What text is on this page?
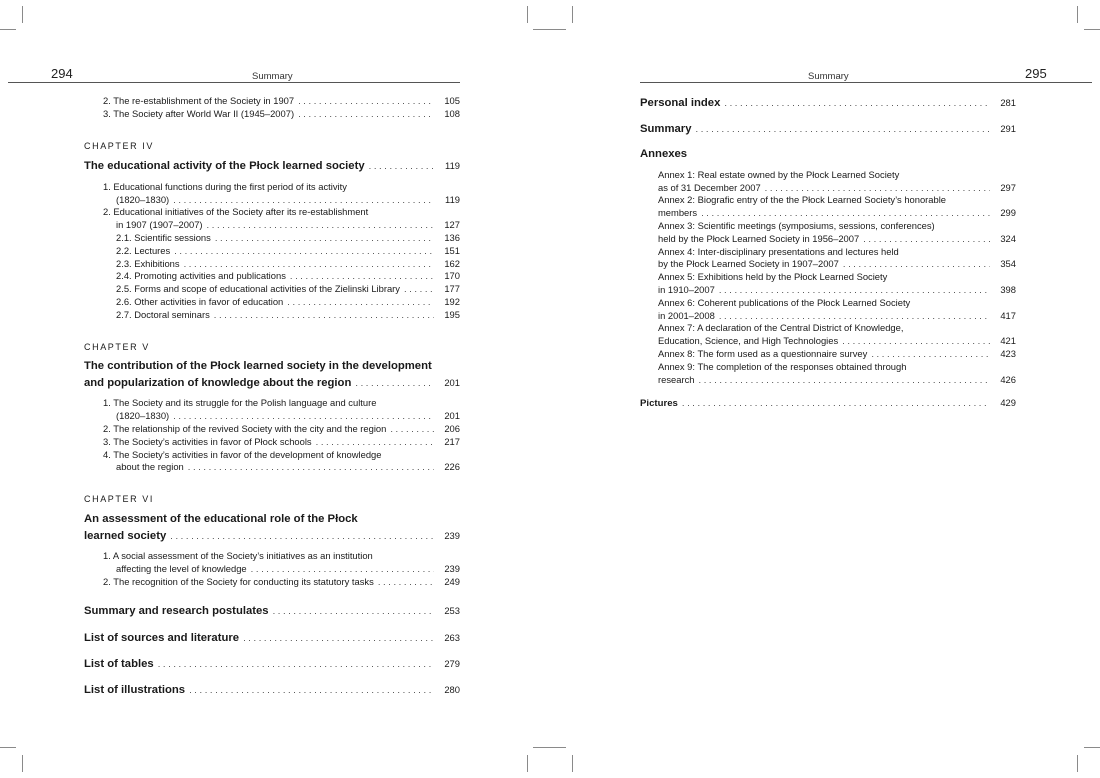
294	Summary
2. The re-establishment of the Society in 1907 . . .	105
3. The Society after World War II (1945–2007) . . .	108
CHAPTER IV
The educational activity of the Płock learned society . . .	119
1. Educational functions during the first period of its activity
(1820–1830) . . .	119
2. Educational initiatives of the Society after its re-establishment
in 1907 (1907–2007) . . .	127
2.1. Scientific sessions . . .	136
2.2. Lectures . . .	151
2.3. Exhibitions . . .	162
2.4. Promoting activities and publications . . .	170
2.5. Forms and scope of educational activities of the Zielinski Library . . .	177
2.6. Other activities in favor of education . . .	192
2.7. Doctoral seminars . . .	195
CHAPTER V
The contribution of the Płock learned society in the development
and popularization of knowledge about the region . . .	201
1. The Society and its struggle for the Polish language and culture
(1820–1830) . . .	201
2. The relationship of the revived Society with the city and the region . . .	206
3. The Society’s activities in favor of Płock schools . . .	217
4. The Society’s activities in favor of the development of knowledge
about the region . . .	226
CHAPTER VI
An assessment of the educational role of the Płock
learned society . . .	239
1. A social assessment of the Society’s initiatives as an institution
affecting the level of knowledge . . .	239
2. The recognition of the Society for conducting its statutory tasks . . .	249
Summary and research postulates . . .	253
List of sources and literature . . .	263
List of tables . . .	279
List of illustrations . . .	280
295
Summary
Personal index . . .	281
Summary . . .	291
Annexes
Annex 1: Real estate owned by the Płock Learned Society
as of 31 December 2007 . . .	297
Annex 2: Biografic entry of the the Płock Learned Society’s honorable
members . . .	299
Annex 3: Scientific meetings (symposiums, sessions, conferences)
held by the Płock Learned Society in 1956–2007 . . .	324
Annex 4: Inter-disciplinary presentations and lectures held
by the Płock Learned Society in 1907–2007 . . .	354
Annex 5: Exhibitions held by the Płock Learned Society
in 1910–2007 . . .	398
Annex 6: Coherent publications of the Płock Learned Society
in 2001–2008 . . .	417
Annex 7: A declaration of the Central District of Knowledge,
Education, Science, and High Technologies . . .	421
Annex 8: The form used as a questionnaire survey . . .	423
Annex 9: The completion of the responses obtained through
research . . .	426
Pictures . . .	429
